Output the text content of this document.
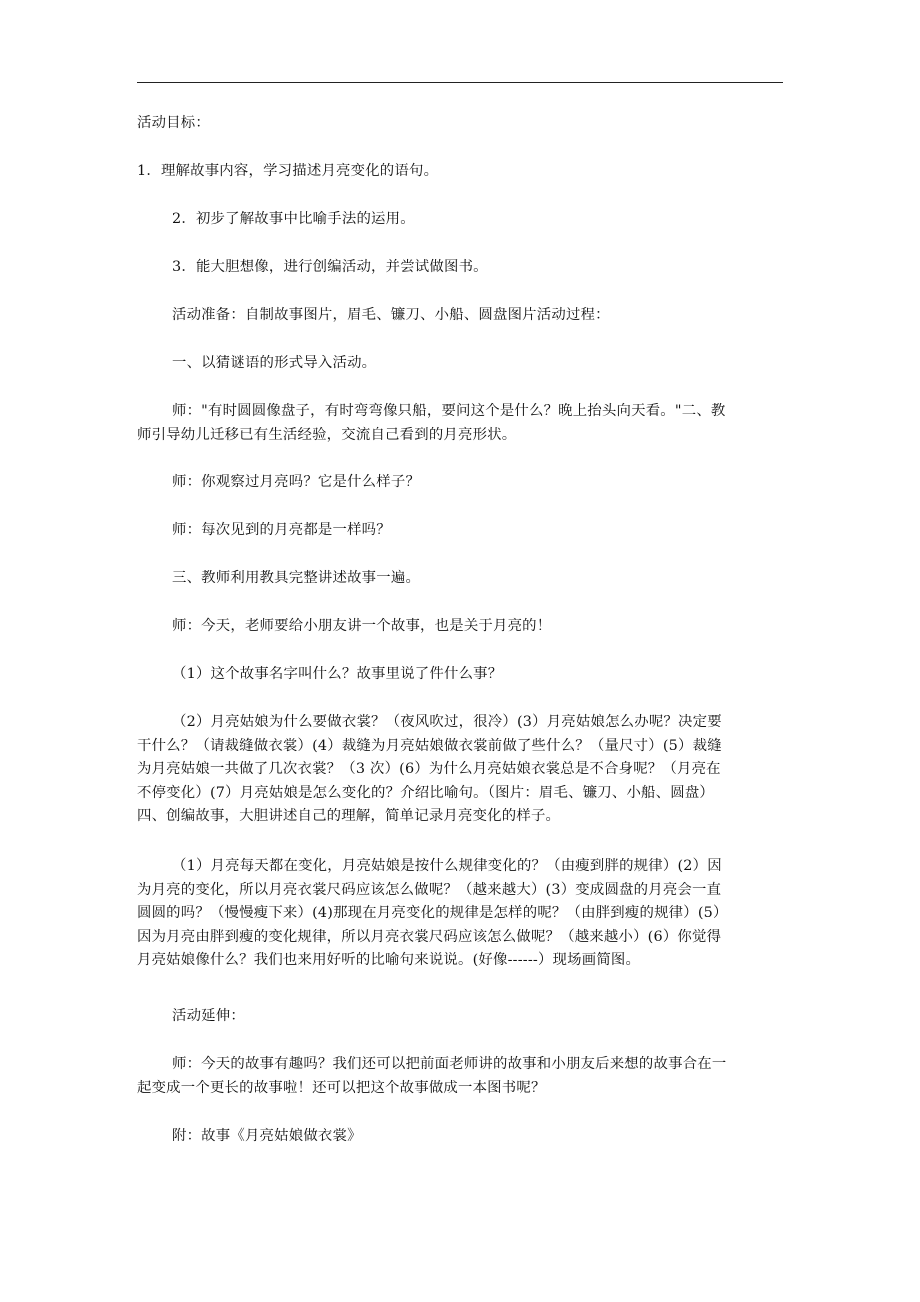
活动目标：
1．理解故事内容，学习描述月亮变化的语句。
2．初步了解故事中比喻手法的运用。
3．能大胆想像，进行创编活动，并尝试做图书。
活动准备：自制故事图片，眉毛、镰刀、小船、圆盘图片活动过程：
一、以猜谜语的形式导入活动。
师："有时圆圆像盘子，有时弯弯像只船，要问这个是什么？晚上抬头向天看。"二、教
师引导幼儿迁移已有生活经验，交流自己看到的月亮形状。
师：你观察过月亮吗？它是什么样子？
师：每次见到的月亮都是一样吗？
三、教师利用教具完整讲述故事一遍。
师：今天，老师要给小朋友讲一个故事，也是关于月亮的！
（1）这个故事名字叫什么？故事里说了件什么事？
（2）月亮姑娘为什么要做衣裳？（夜风吹过，很冷）(3）月亮姑娘怎么办呢？决定要
干什么？（请裁缝做衣裳）(4）裁缝为月亮姑娘做衣裳前做了些什么？（量尺寸）(5）裁缝
为月亮姑娘一共做了几次衣裳？（3 次）(6）为什么月亮姑娘衣裳总是不合身呢？（月亮在
不停变化）(7）月亮姑娘是怎么变化的？介绍比喻句。（图片：眉毛、镰刀、小船、圆盘）
四、创编故事，大胆讲述自己的理解，简单记录月亮变化的样子。
（1）月亮每天都在变化，月亮姑娘是按什么规律变化的？（由瘦到胖的规律）(2）因
为月亮的变化，所以月亮衣裳尺码应该怎么做呢？（越来越大）(3）变成圆盘的月亮会一直
圆圆的吗？（慢慢瘦下来）(4)那现在月亮变化的规律是怎样的呢？（由胖到瘦的规律）(5）
因为月亮由胖到瘦的变化规律，所以月亮衣裳尺码应该怎么做呢？（越来越小）(6）你觉得
月亮姑娘像什么？我们也来用好听的比喻句来说说。(好像------）现场画简图。
活动延伸：
师：今天的故事有趣吗？我们还可以把前面老师讲的故事和小朋友后来想的故事合在一
起变成一个更长的故事啦！还可以把这个故事做成一本图书呢？
附：故事《月亮姑娘做衣裳》
